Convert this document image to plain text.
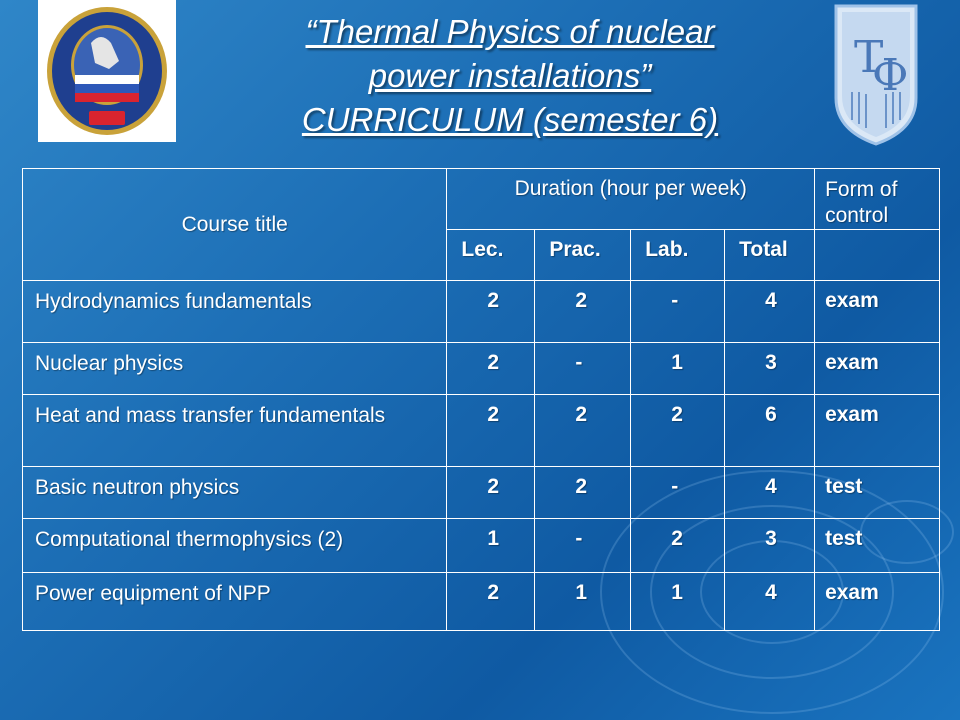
Т
Ф
“Thermal Physics of nuclear
power installations”
CURRICULUM (semester 6)
Course title	Duration (hour per week)				Form of control
	Lec.	Prac.	Lab.	Total	
Hydrodynamics fundamentals	2	2	-	4	exam
Nuclear physics	2	-	1	3	exam
Heat and mass transfer fundamentals	2	2	2	6	exam
Basic neutron physics	2	2	-	4	test
Computational thermophysics (2)	1	-	2	3	test
Power equipment of NPP	2	1	1	4	exam
